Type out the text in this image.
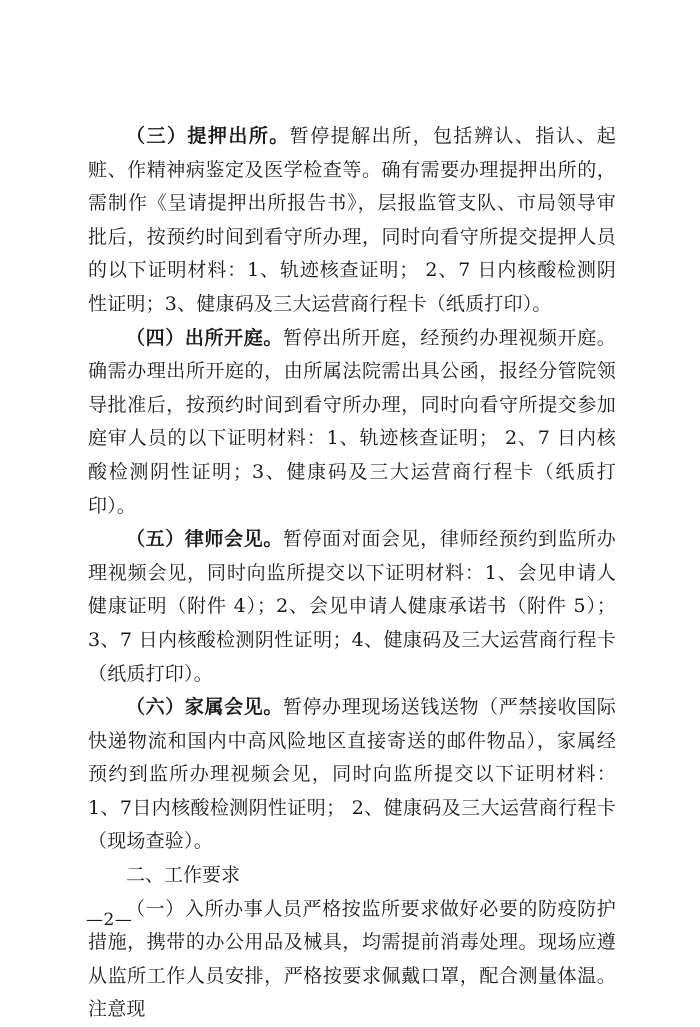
（三）提押出所。暂停提解出所，包括辨认、指认、起赃、作精神病鉴定及医学检查等。确有需要办理提押出所的，需制作《呈请提押出所报告书》，层报监管支队、市局领导审批后，按预约时间到看守所办理，同时向看守所提交提押人员的以下证明材料：1、轨迹核查证明； 2、7 日内核酸检测阴性证明；3、健康码及三大运营商行程卡（纸质打印）。

（四）出所开庭。暂停出所开庭，经预约办理视频开庭。确需办理出所开庭的，由所属法院需出具公函，报经分管院领导批准后，按预约时间到看守所办理，同时向看守所提交参加庭审人员的以下证明材料：1、轨迹核查证明； 2、7 日内核酸检测阴性证明；3、健康码及三大运营商行程卡（纸质打印）。

（五）律师会见。暂停面对面会见，律师经预约到监所办理视频会见，同时向监所提交以下证明材料：1、会见申请人健康证明（附件 4）；2、会见申请人健康承诺书（附件 5）； 3、7 日内核酸检测阴性证明；4、健康码及三大运营商行程卡（纸质打印）。

（六）家属会见。暂停办理现场送钱送物（严禁接收国际快递物流和国内中高风险地区直接寄送的邮件物品），家属经预约到监所办理视频会见，同时向监所提交以下证明材料：1、7日内核酸检测阴性证明； 2、健康码及三大运营商行程卡（现场查验）。

二、工作要求

（一）入所办事人员严格按监所要求做好必要的防疫防护措施，携带的办公用品及械具，均需提前消毒处理。现场应遵从监所工作人员安排，严格按要求佩戴口罩，配合测量体温。注意现

—2—
